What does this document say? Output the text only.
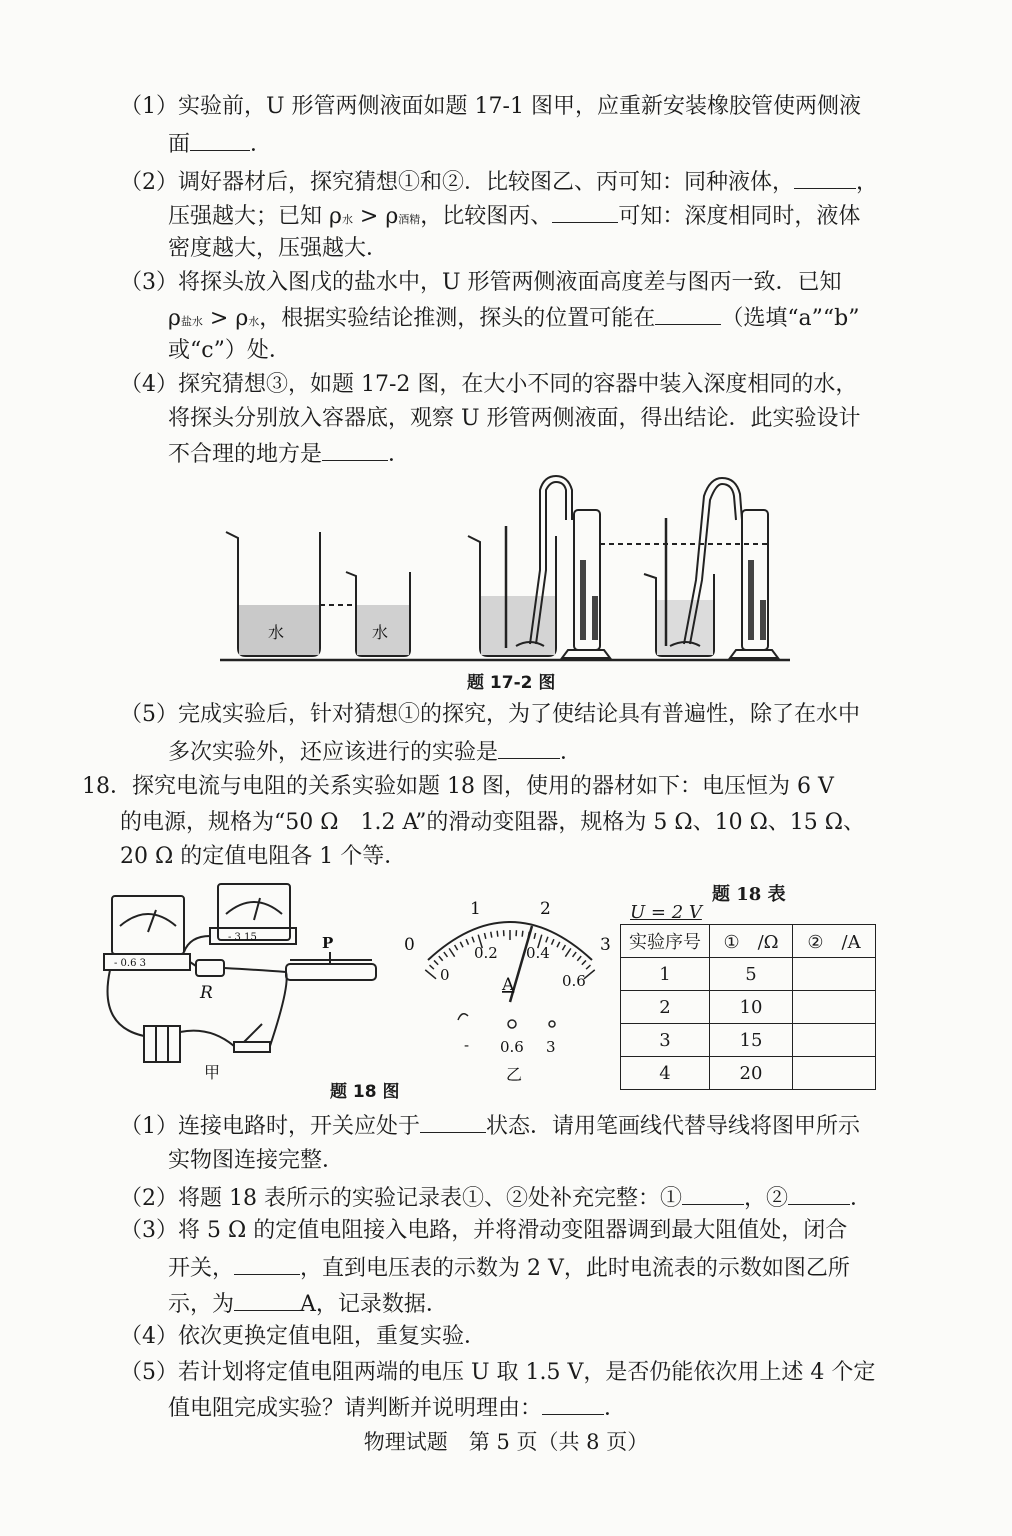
（1）实验前，U 形管两侧液面如题 17-1 图甲，应重新安装橡胶管使两侧液
面	．
（2）调好器材后，探究猜想①和②．比较图乙、丙可知：同种液体，	，
压强越大；已知 ρ水 > ρ酒精，比较图丙、	可知：深度相同时，液体
密度越大，压强越大．
（3）将探头放入图戊的盐水中，U 形管两侧液面高度差与图丙一致．已知
ρ盐水 > ρ水，根据实验结论推测，探头的位置可能在	（选填“a”“b”
或“c”）处．
（4）探究猜想③，如题 17-2 图，在大小不同的容器中装入深度相同的水，
将探头分别放入容器底，观察 U 形管两侧液面，得出结论．此实验设计
不合理的地方是	．
水	水
题 17-2 图
（5）完成实验后，针对猜想①的探究，为了使结论具有普遍性，除了在水中
多次实验外，还应该进行的实验是	．
18．探究电流与电阻的关系实验如题 18 图，使用的器材如下：电压恒为 6 V
的电源，规格为“50 Ω　1.2 A”的滑动变阻器，规格为 5 Ω、10 Ω、15 Ω、
20 Ω 的定值电阻各 1 个等．
R
P
- 0.6 3
- 3 15
甲
0
1	2
3
0
0.2 0.4
0.6
A
- 0.6 3
乙
题 18 图
题 18 表
U = 2 V
实验序号	①　/Ω	②　/A
1	5	
2	10	
3	15	
4	20	
（1）连接电路时，开关应处于	状态．请用笔画线代替导线将图甲所示
实物图连接完整．
（2）将题 18 表所示的实验记录表①、②处补充完整：①	，②	．
（3）将 5 Ω 的定值电阻接入电路，并将滑动变阻器调到最大阻值处，闭合
开关，	，直到电压表的示数为 2 V，此时电流表的示数如图乙所
示，为	A，记录数据．
（4）依次更换定值电阻，重复实验．
（5）若计划将定值电阻两端的电压 U 取 1.5 V，是否仍能依次用上述 4 个定
值电阻完成实验？请判断并说明理由：	．
物理试题　第 5 页（共 8 页）
